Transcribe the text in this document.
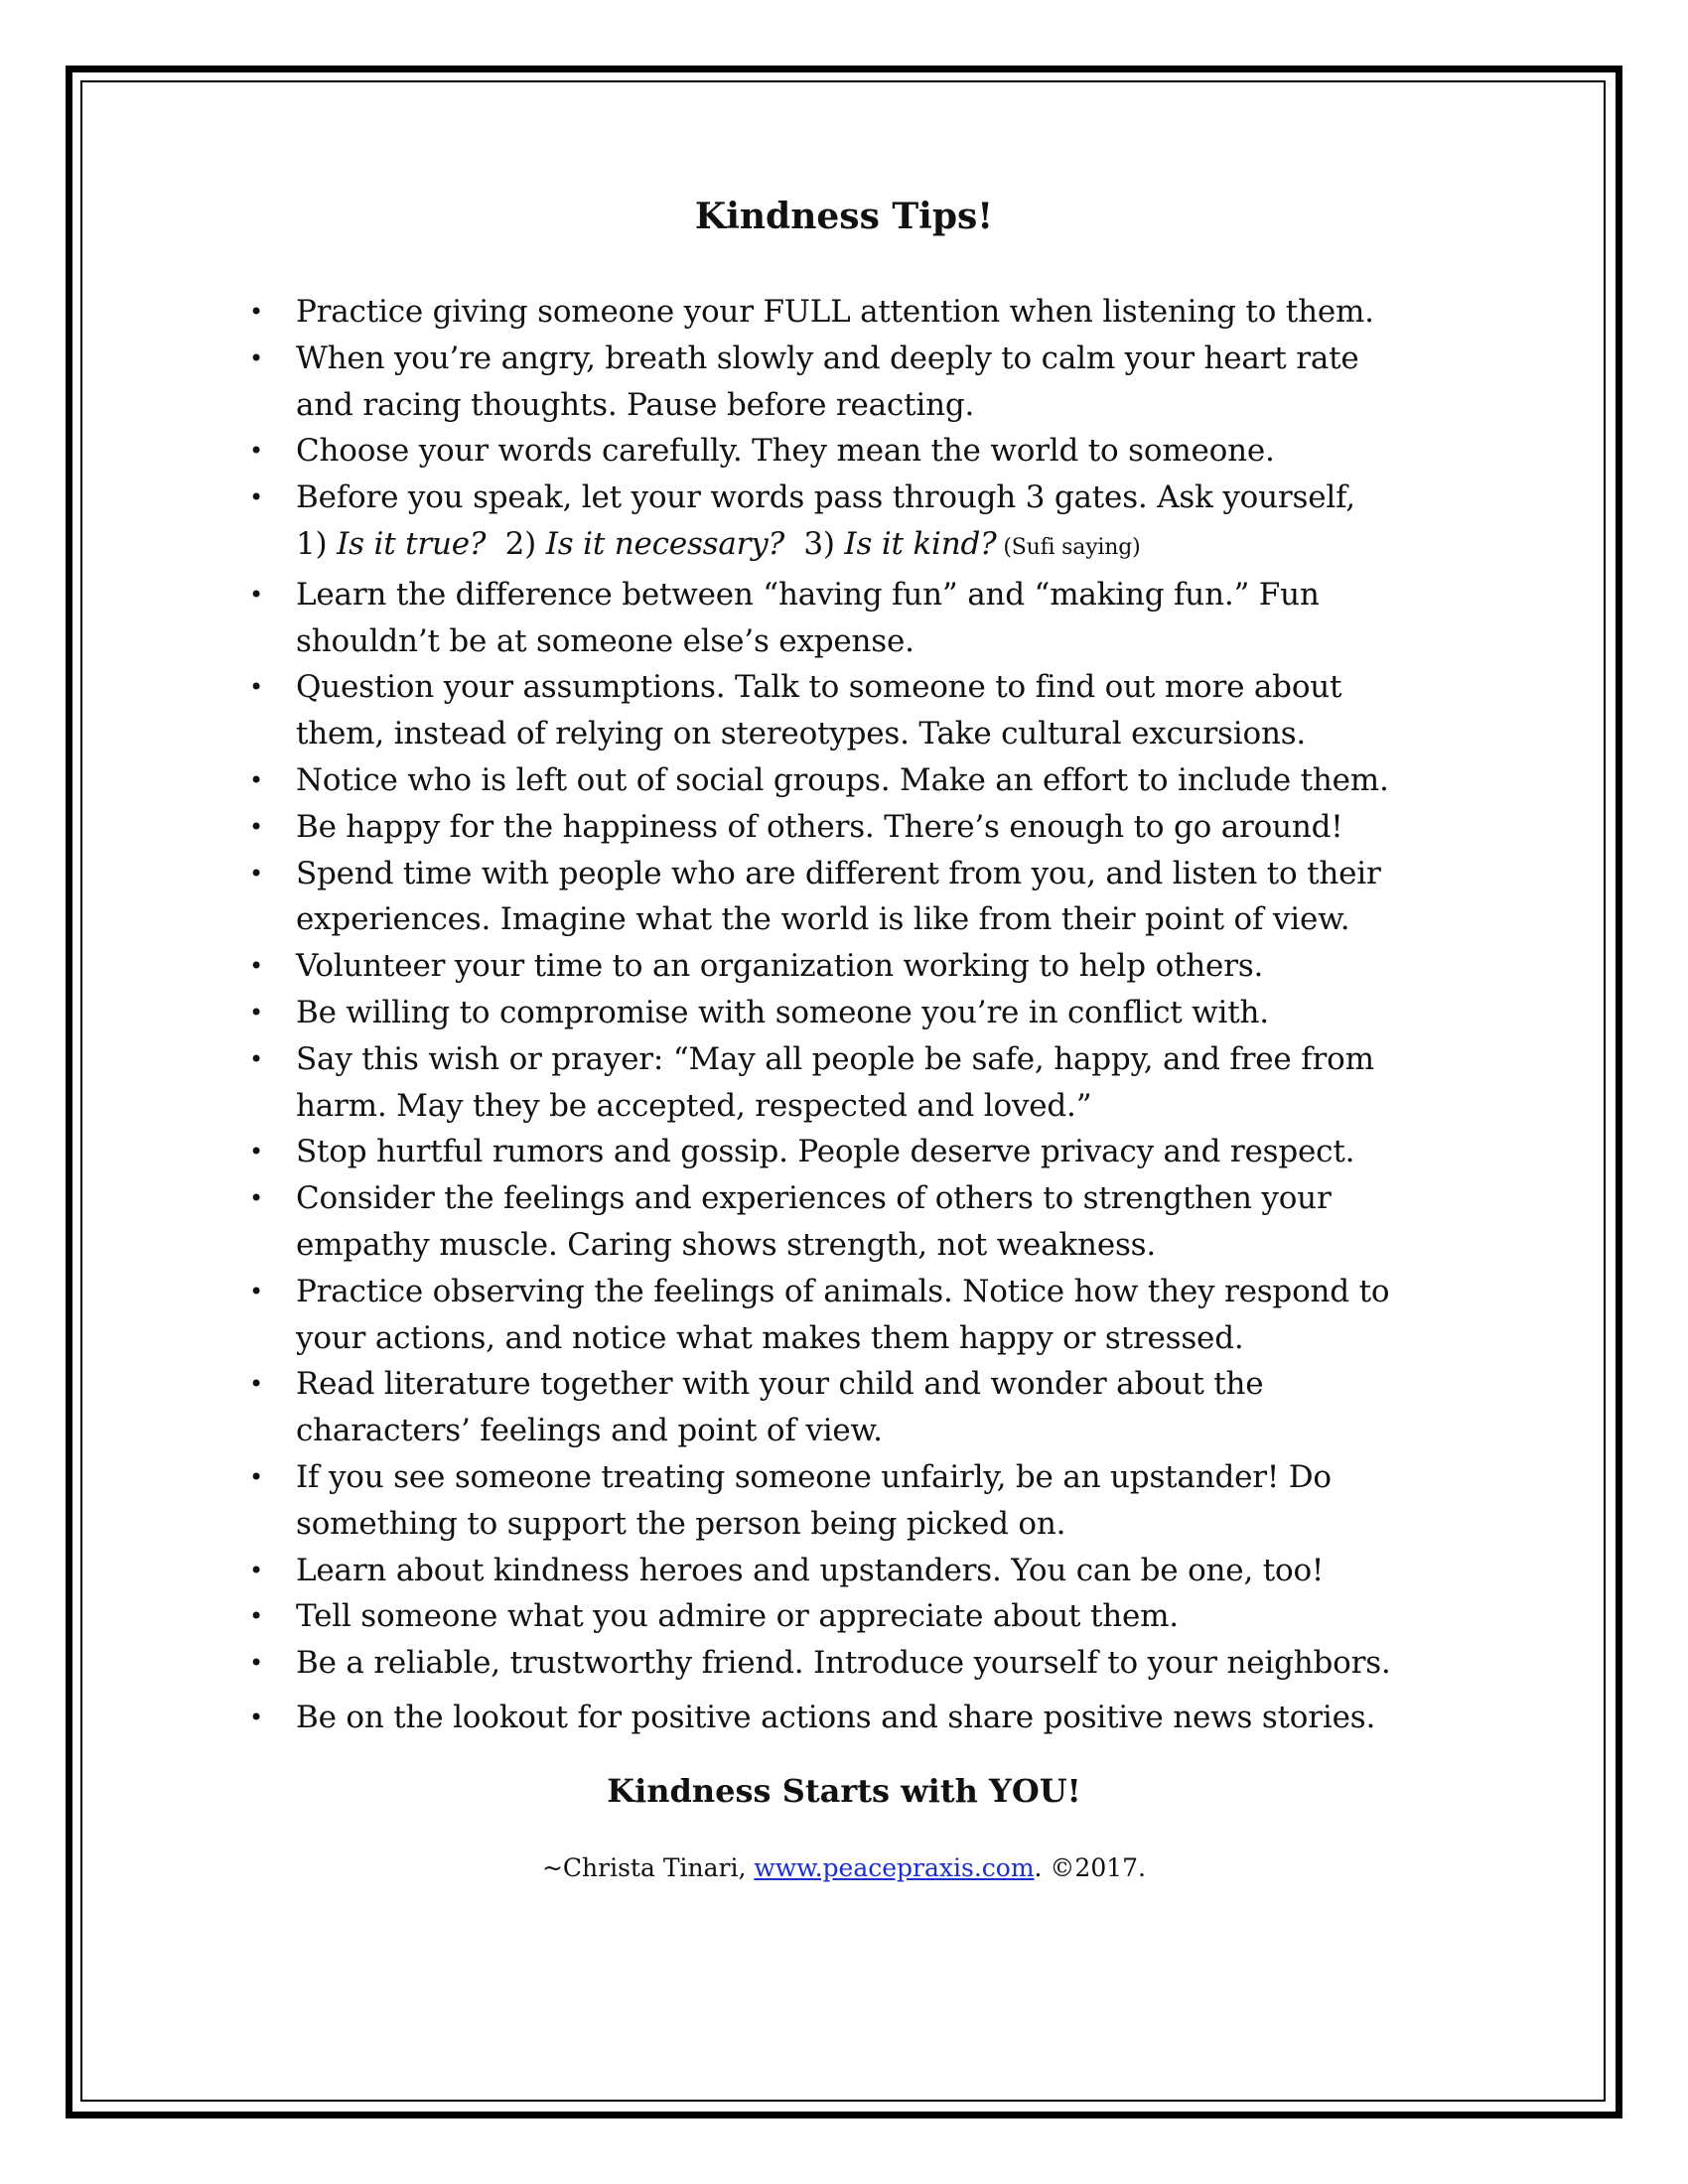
Kindness Tips!
• Practice giving someone your FULL attention when listening to them.
• When you’re angry, breath slowly and deeply to calm your heart rate
and racing thoughts. Pause before reacting.
• Choose your words carefully. They mean the world to someone.
• Before you speak, let your words pass through 3 gates. Ask yourself,
1) Is it true?  2) Is it necessary?  3) Is it kind? (Sufi saying)
• Learn the difference between “having fun” and “making fun.” Fun
shouldn’t be at someone else’s expense.
• Question your assumptions. Talk to someone to find out more about
them, instead of relying on stereotypes. Take cultural excursions.
• Notice who is left out of social groups. Make an effort to include them.
• Be happy for the happiness of others. There’s enough to go around!
• Spend time with people who are different from you, and listen to their
experiences. Imagine what the world is like from their point of view.
• Volunteer your time to an organization working to help others.
• Be willing to compromise with someone you’re in conflict with.
• Say this wish or prayer: “May all people be safe, happy, and free from
harm. May they be accepted, respected and loved.”
• Stop hurtful rumors and gossip. People deserve privacy and respect.
• Consider the feelings and experiences of others to strengthen your
empathy muscle. Caring shows strength, not weakness.
• Practice observing the feelings of animals. Notice how they respond to
your actions, and notice what makes them happy or stressed.
• Read literature together with your child and wonder about the
characters’ feelings and point of view.
• If you see someone treating someone unfairly, be an upstander! Do
something to support the person being picked on.
• Learn about kindness heroes and upstanders. You can be one, too!
• Tell someone what you admire or appreciate about them.
• Be a reliable, trustworthy friend. Introduce yourself to your neighbors.
• Be on the lookout for positive actions and share positive news stories.

Kindness Starts with YOU!

~Christa Tinari, www.peacepraxis.com. ©2017.
